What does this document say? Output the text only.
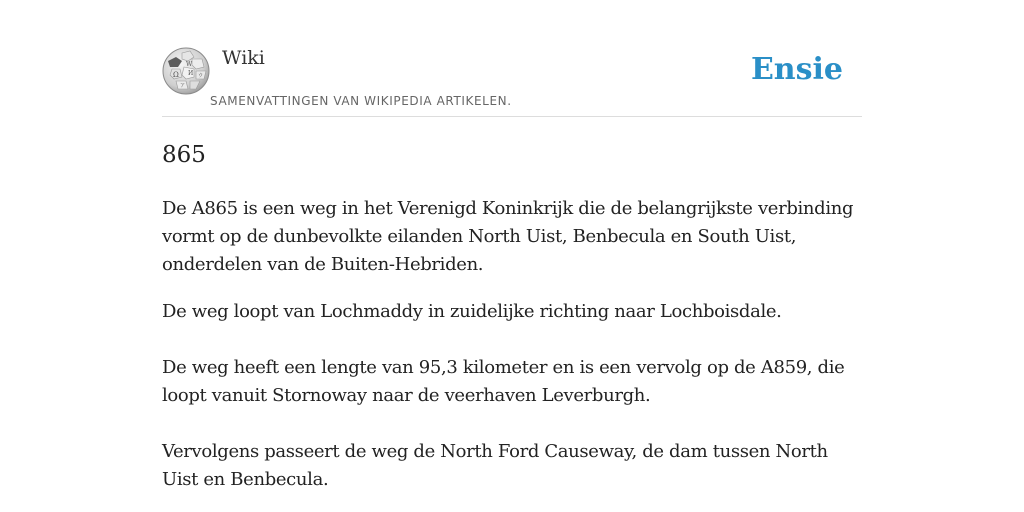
Ω
W
И ウ
ア
Wiki
SAMENVATTINGEN VAN WIKIPEDIA ARTIKELEN.
Ensie
865

De A865 is een weg in het Verenigd Koninkrijk die de belangrijkste verbinding vormt op de dunbevolkte eilanden North Uist, Benbecula en South Uist, onderdelen van de Buiten-Hebriden.

De weg loopt van Lochmaddy in zuidelijke richting naar Lochboisdale.

De weg heeft een lengte van 95,3 kilometer en is een vervolg op de A859, die loopt vanuit Stornoway naar de veerhaven Leverburgh.

Vervolgens passeert de weg de North Ford Causeway, de dam tussen North Uist en Benbecula.
